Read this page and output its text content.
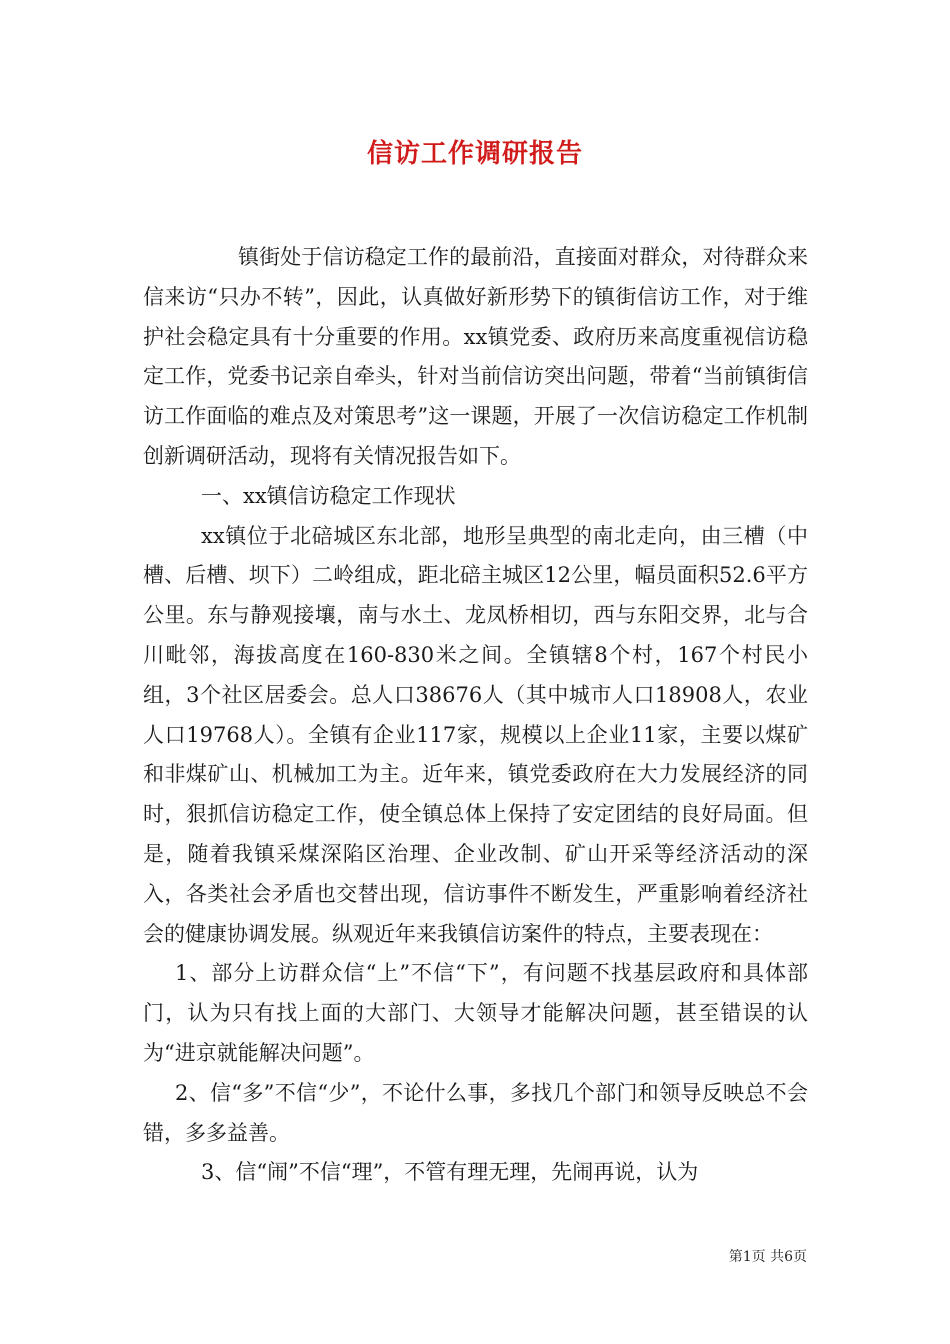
信访工作调研报告

镇街处于信访稳定工作的最前沿，直接面对群众，对待群众来信来访“只办不转”，因此，认真做好新形势下的镇街信访工作，对于维护社会稳定具有十分重要的作用。xx镇党委、政府历来高度重视信访稳定工作，党委书记亲自牵头，针对当前信访突出问题，带着“当前镇街信访工作面临的难点及对策思考”这一课题，开展了一次信访稳定工作机制创新调研活动，现将有关情况报告如下。

一、xx镇信访稳定工作现状

xx镇位于北碚城区东北部，地形呈典型的南北走向，由三槽（中槽、后槽、坝下）二岭组成，距北碚主城区12公里，幅员面积52.6平方公里。东与静观接壤，南与水土、龙凤桥相切，西与东阳交界，北与合川毗邻，海拔高度在160-830米之间。全镇辖8个村，167个村民小组，3个社区居委会。总人口38676人（其中城市人口18908人，农业人口19768人）。全镇有企业117家，规模以上企业11家，主要以煤矿和非煤矿山、机械加工为主。近年来，镇党委政府在大力发展经济的同时，狠抓信访稳定工作，使全镇总体上保持了安定团结的良好局面。但是，随着我镇采煤深陷区治理、企业改制、矿山开采等经济活动的深入，各类社会矛盾也交替出现，信访事件不断发生，严重影响着经济社会的健康协调发展。纵观近年来我镇信访案件的特点，主要表现在：

1、部分上访群众信“上”不信“下”，有问题不找基层政府和具体部门，认为只有找上面的大部门、大领导才能解决问题，甚至错误的认为“进京就能解决问题”。

2、信“多”不信“少”，不论什么事，多找几个部门和领导反映总不会错，多多益善。

3、信“闹”不信“理”，不管有理无理，先闹再说，认为

第1页 共6页
